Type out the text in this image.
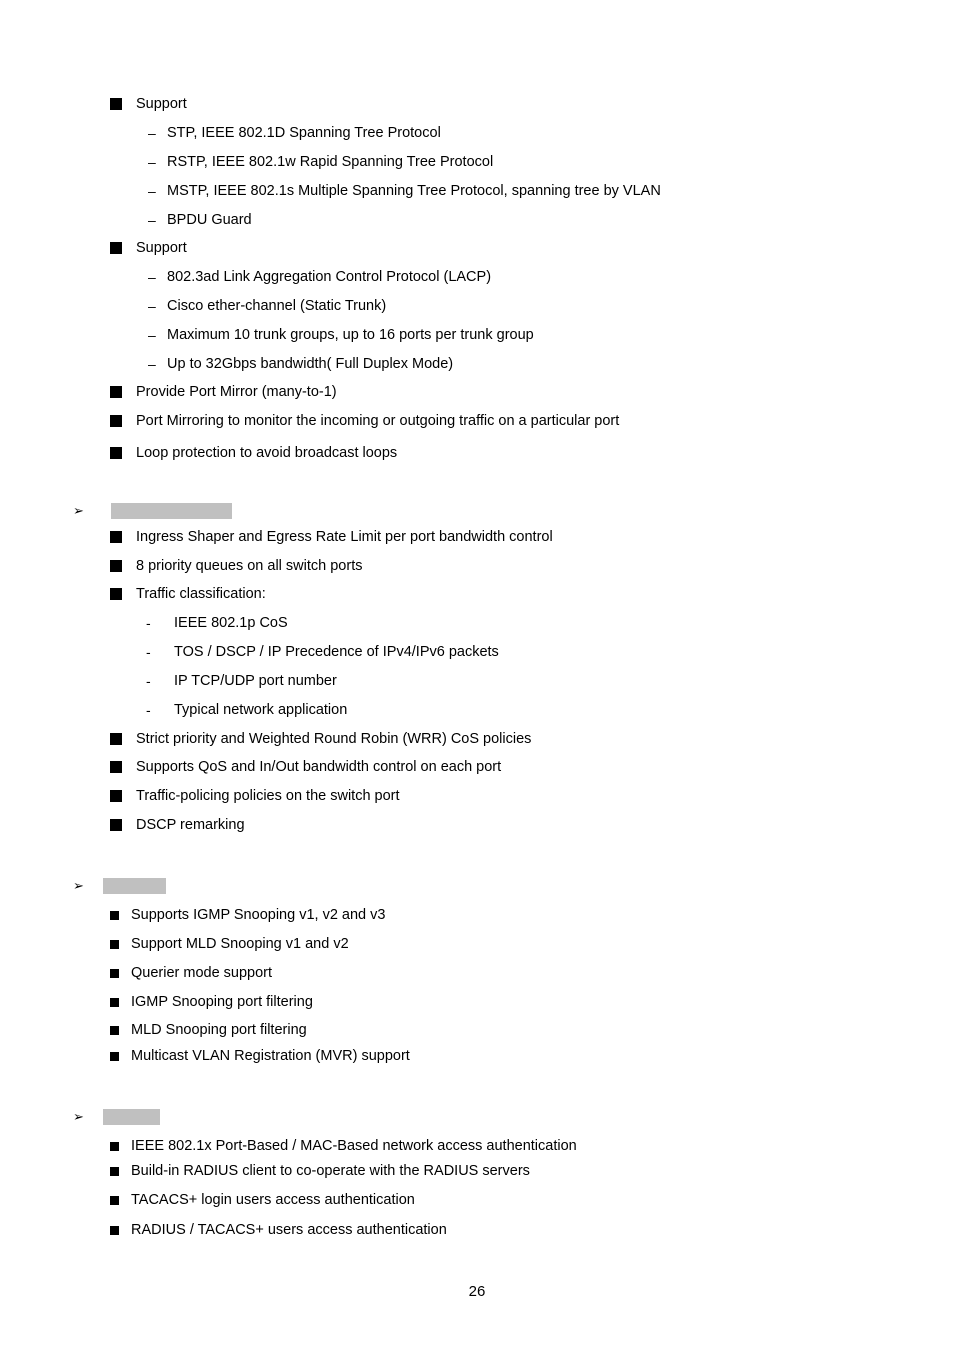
Support
– STP, IEEE 802.1D Spanning Tree Protocol
– RSTP, IEEE 802.1w Rapid Spanning Tree Protocol
– MSTP, IEEE 802.1s Multiple Spanning Tree Protocol, spanning tree by VLAN
– BPDU Guard
Support
– 802.3ad Link Aggregation Control Protocol (LACP)
– Cisco ether-channel (Static Trunk)
– Maximum 10 trunk groups, up to 16 ports per trunk group
– Up to 32Gbps bandwidth( Full Duplex Mode)
Provide Port Mirror (many-to-1)
Port Mirroring to monitor the incoming or outgoing traffic on a particular port
Loop protection to avoid broadcast loops
➢
Ingress Shaper and Egress Rate Limit per port bandwidth control
8 priority queues on all switch ports
Traffic classification:
- IEEE 802.1p CoS
- TOS / DSCP / IP Precedence of IPv4/IPv6 packets
- IP TCP/UDP port number
- Typical network application
Strict priority and Weighted Round Robin (WRR) CoS policies
Supports QoS and In/Out bandwidth control on each port
Traffic-policing policies on the switch port
DSCP remarking
➢
Supports IGMP Snooping v1, v2 and v3
Support MLD Snooping v1 and v2
Querier mode support
IGMP Snooping port filtering
MLD Snooping port filtering
Multicast VLAN Registration (MVR) support
➢
IEEE 802.1x Port-Based / MAC-Based network access authentication
Build-in RADIUS client to co-operate with the RADIUS servers
TACACS+ login users access authentication
RADIUS / TACACS+ users access authentication
26
